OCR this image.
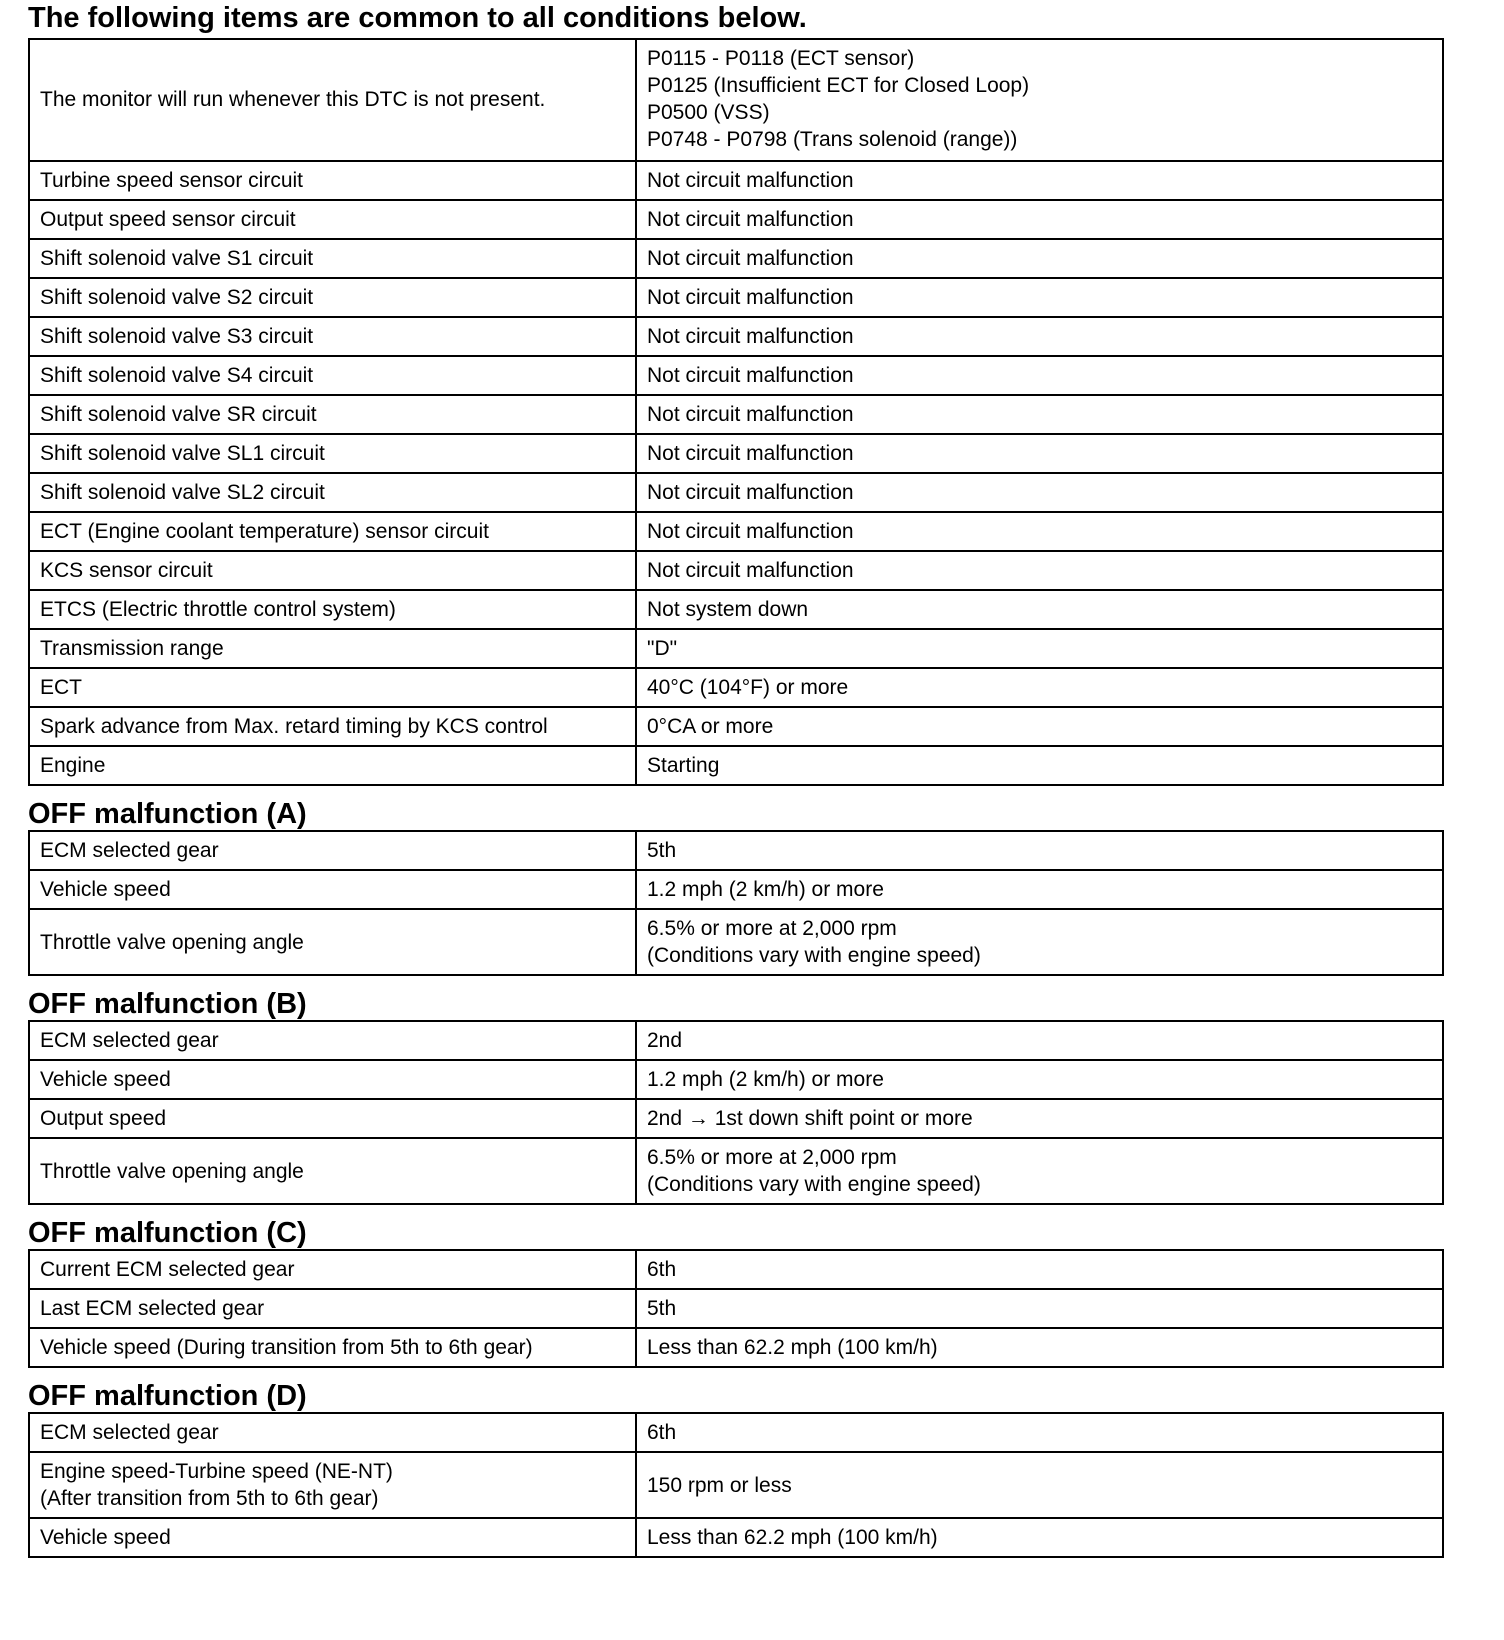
The following items are common to all conditions below.
The monitor will run whenever this DTC is not present.	P0115 - P0118 (ECT sensor)
P0125 (Insufficient ECT for Closed Loop)
P0500 (VSS)
P0748 - P0798 (Trans solenoid (range))

Turbine speed sensor circuit	Not circuit malfunction
Output speed sensor circuit	Not circuit malfunction
Shift solenoid valve S1 circuit	Not circuit malfunction
Shift solenoid valve S2 circuit	Not circuit malfunction
Shift solenoid valve S3 circuit	Not circuit malfunction
Shift solenoid valve S4 circuit	Not circuit malfunction
Shift solenoid valve SR circuit	Not circuit malfunction
Shift solenoid valve SL1 circuit	Not circuit malfunction
Shift solenoid valve SL2 circuit	Not circuit malfunction
ECT (Engine coolant temperature) sensor circuit	Not circuit malfunction
KCS sensor circuit	Not circuit malfunction
ETCS (Electric throttle control system)	Not system down
Transmission range	"D"
ECT	40°C (104°F) or more
Spark advance from Max. retard timing by KCS control	0°CA or more
Engine	Starting
OFF malfunction (A)
ECM selected gear	5th
Vehicle speed	1.2 mph (2 km/h) or more
Throttle valve opening angle	6.5% or more at 2,000 rpm
(Conditions vary with engine speed)
OFF malfunction (B)
ECM selected gear	2nd
Vehicle speed	1.2 mph (2 km/h) or more
Output speed	2nd → 1st down shift point or more
Throttle valve opening angle	6.5% or more at 2,000 rpm
(Conditions vary with engine speed)
OFF malfunction (C)
Current ECM selected gear	6th
Last ECM selected gear	5th
Vehicle speed (During transition from 5th to 6th gear)	Less than 62.2 mph (100 km/h)
OFF malfunction (D)
ECM selected gear	6th

Engine speed-Turbine speed (NE-NT)
(After transition from 5th to 6th gear)	150 rpm or less
Vehicle speed	Less than 62.2 mph (100 km/h)
